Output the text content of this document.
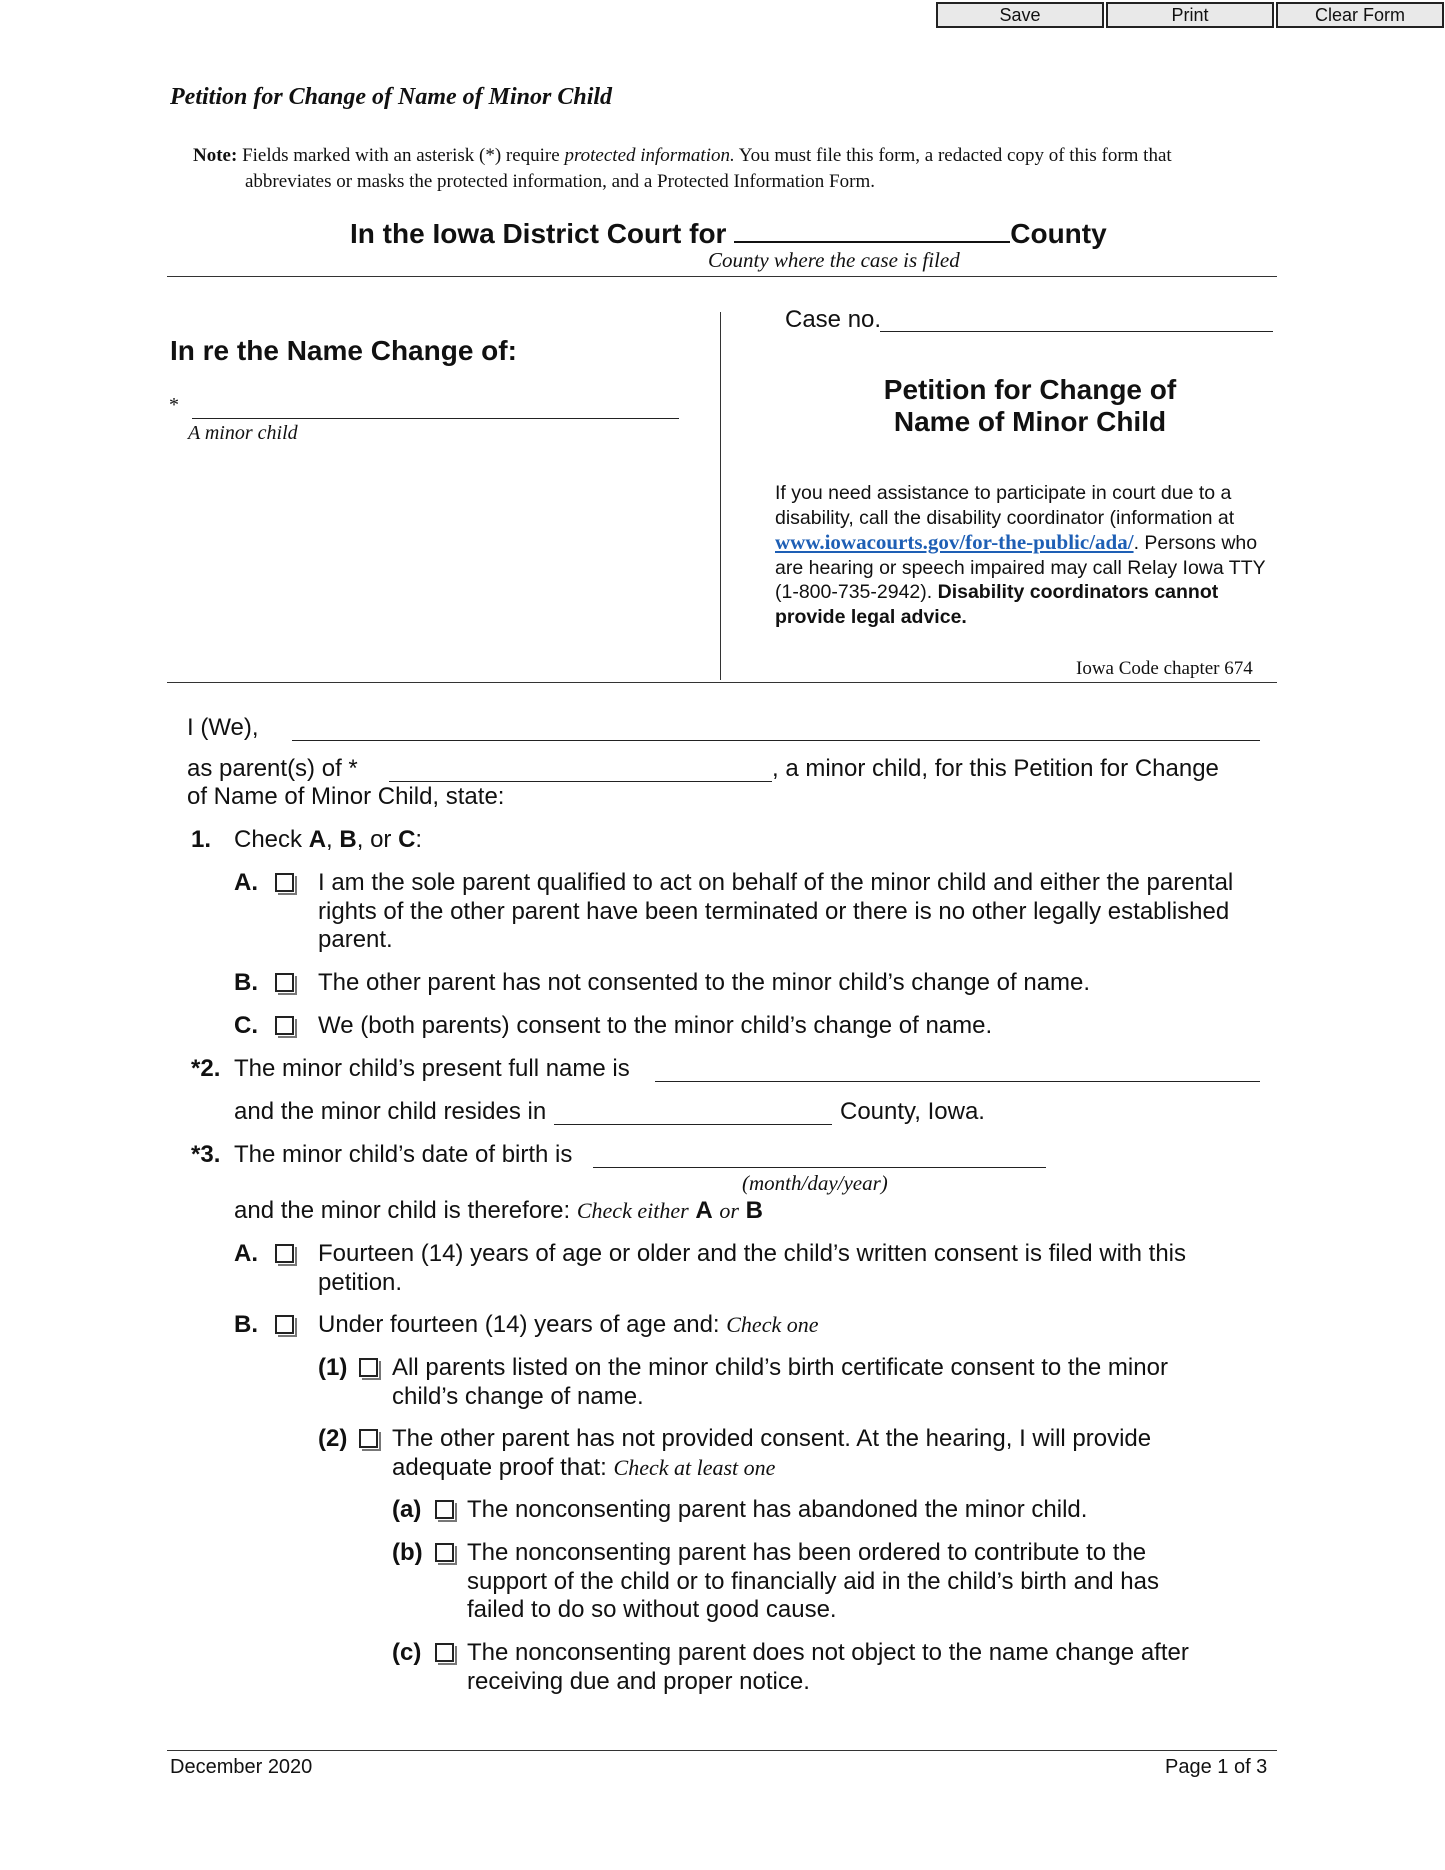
Save	Print	Clear Form
Petition for Change of Name of Minor Child
Note: Fields marked with an asterisk (*) require protected information. You must file this form, a redacted copy of this form that
abbreviates or masks the protected information, and a Protected Information Form.
In the Iowa District Court for	County
County where the case is filed
In re the Name Change of:
*
A minor child
Case no.
Petition for Change of
Name of Minor Child
If you need assistance to participate in court due to a disability, call the disability coordinator (information at www.iowacourts.gov/for-the-public/ada/. Persons who are hearing or speech impaired may call Relay Iowa TTY (1-800-735-2942). Disability coordinators cannot provide legal advice.
Iowa Code chapter 674
I (We),
as parent(s) of *	, a minor child, for this Petition for Change
of Name of Minor Child, state:
1. Check A, B, or C:
A.	I am the sole parent qualified to act on behalf of the minor child and either the parental rights of the other parent have been terminated or there is no other legally established parent.
B.	The other parent has not consented to the minor child’s change of name.
C.	We (both parents) consent to the minor child’s change of name.
*2. The minor child’s present full name is
and the minor child resides in	County, Iowa.
*3. The minor child’s date of birth is
(month/day/year)
and the minor child is therefore: Check either A or B
A.	Fourteen (14) years of age or older and the child’s written consent is filed with this petition.
B.	Under fourteen (14) years of age and: Check one
(1) All parents listed on the minor child’s birth certificate consent to the minor child’s change of name.
(2) The other parent has not provided consent. At the hearing, I will provide adequate proof that: Check at least one
(a) The nonconsenting parent has abandoned the minor child.
(b) The nonconsenting parent has been ordered to contribute to the support of the child or to financially aid in the child’s birth and has failed to do so without good cause.
(c) The nonconsenting parent does not object to the name change after receiving due and proper notice.
December 2020	Page 1 of 3
